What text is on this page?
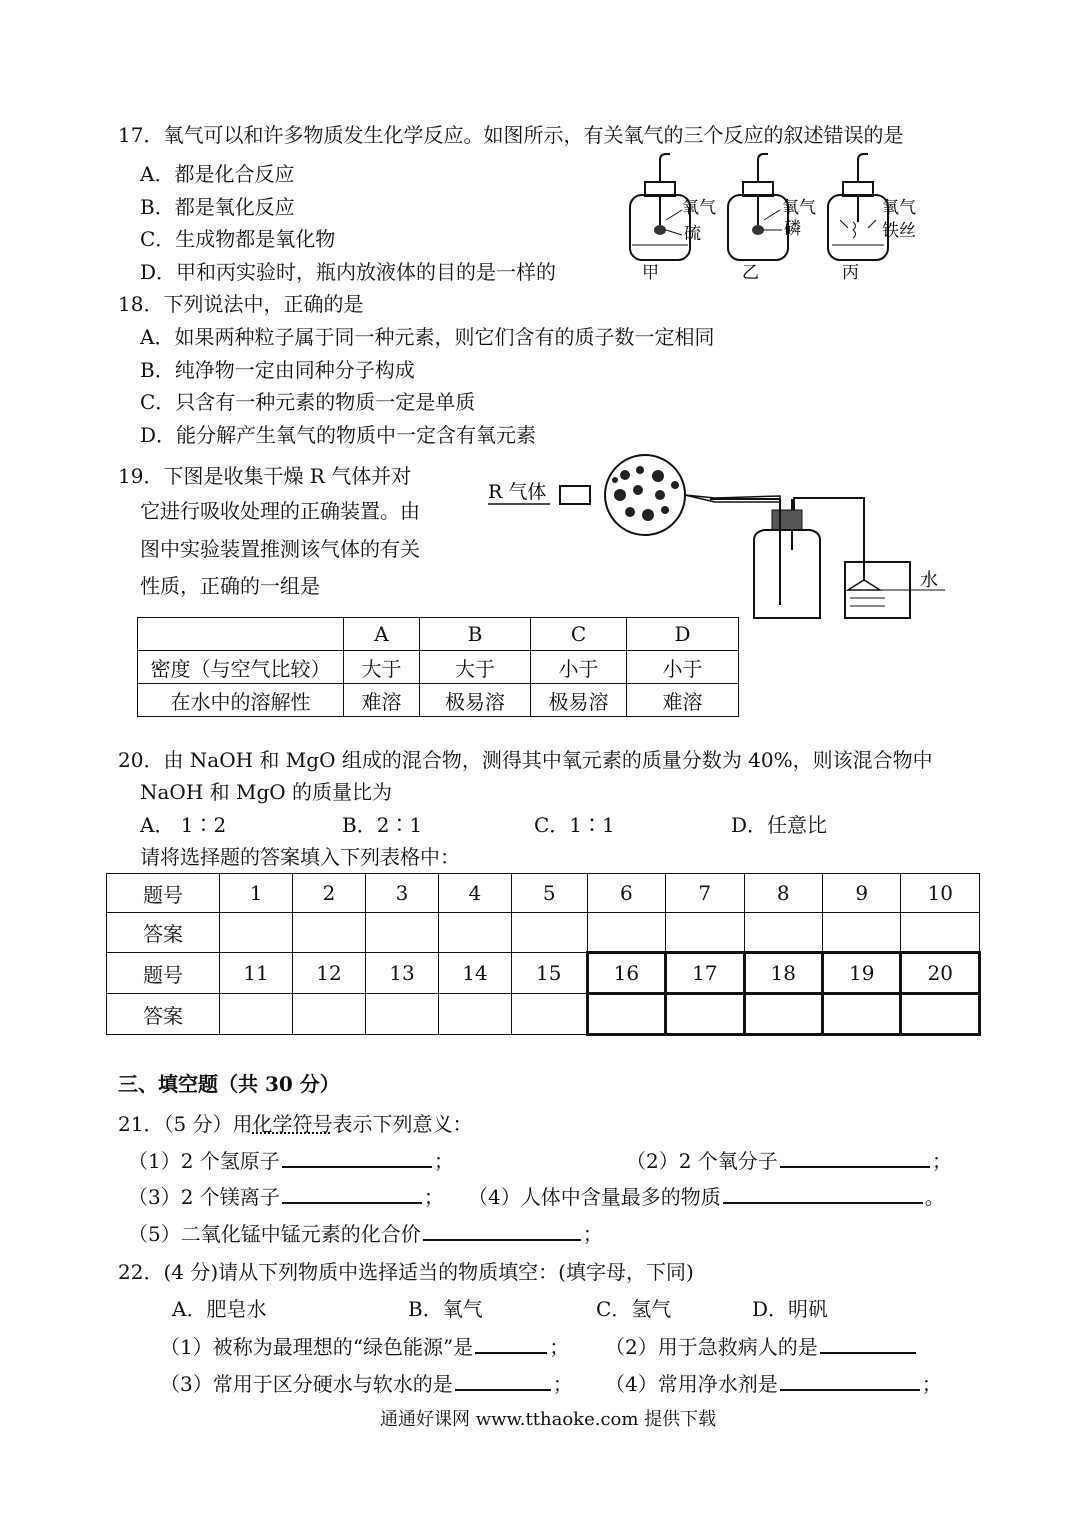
17．氧气可以和许多物质发生化学反应。如图所示，有关氧气的三个反应的叙述错误的是
A．都是化合反应
B．都是氧化反应
C．生成物都是氧化物
D．甲和丙实验时，瓶内放液体的目的是一样的
氧气
硫
甲
氧气
磷
乙
氧气
铁丝
丙
18．下列说法中，正确的是
A．如果两种粒子属于同一种元素，则它们含有的质子数一定相同
B．纯净物一定由同种分子构成
C．只含有一种元素的物质一定是单质
D．能分解产生氧气的物质中一定含有氧元素
19．下图是收集干燥 R 气体并对
它进行吸收处理的正确装置。由
图中实验装置推测该气体的有关
性质，正确的一组是
R 气体
水
	A	B	C	D
密度（与空气比较）	大于	大于	小于	小于
在水中的溶解性	难溶	极易溶	极易溶	难溶
20．由 NaOH 和 MgO 组成的混合物，测得其中氧元素的质量分数为 40%，则该混合物中
NaOH 和 MgO 的质量比为
A． 1∶2	B．2∶1	C．1∶1	D．任意比
请将选择题的答案填入下列表格中：
题号	1	2	3	4	5	6	7	8	9	10
答案										
题号	11	12	13	14	15	16	17	18	19	20
答案										
三、填空题（共 30 分）
21．（5 分）用化学符号表示下列意义：
（1）2 个氢原子	；	（2）2 个氧分子	；
（3）2 个镁离子	； （4）人体中含量最多的物质	。
（5）二氧化锰中锰元素的化合价	；
22．(4 分)请从下列物质中选择适当的物质填空：(填字母，下同)
A．肥皂水	B．氧气	C．氢气	D．明矾
（1）被称为最理想的“绿色能源”是	； （2）用于急救病人的是
（3）常用于区分硬水与软水的是	； （4）常用净水剂是	；
通通好课网 www.tthaoke.com 提供下载
